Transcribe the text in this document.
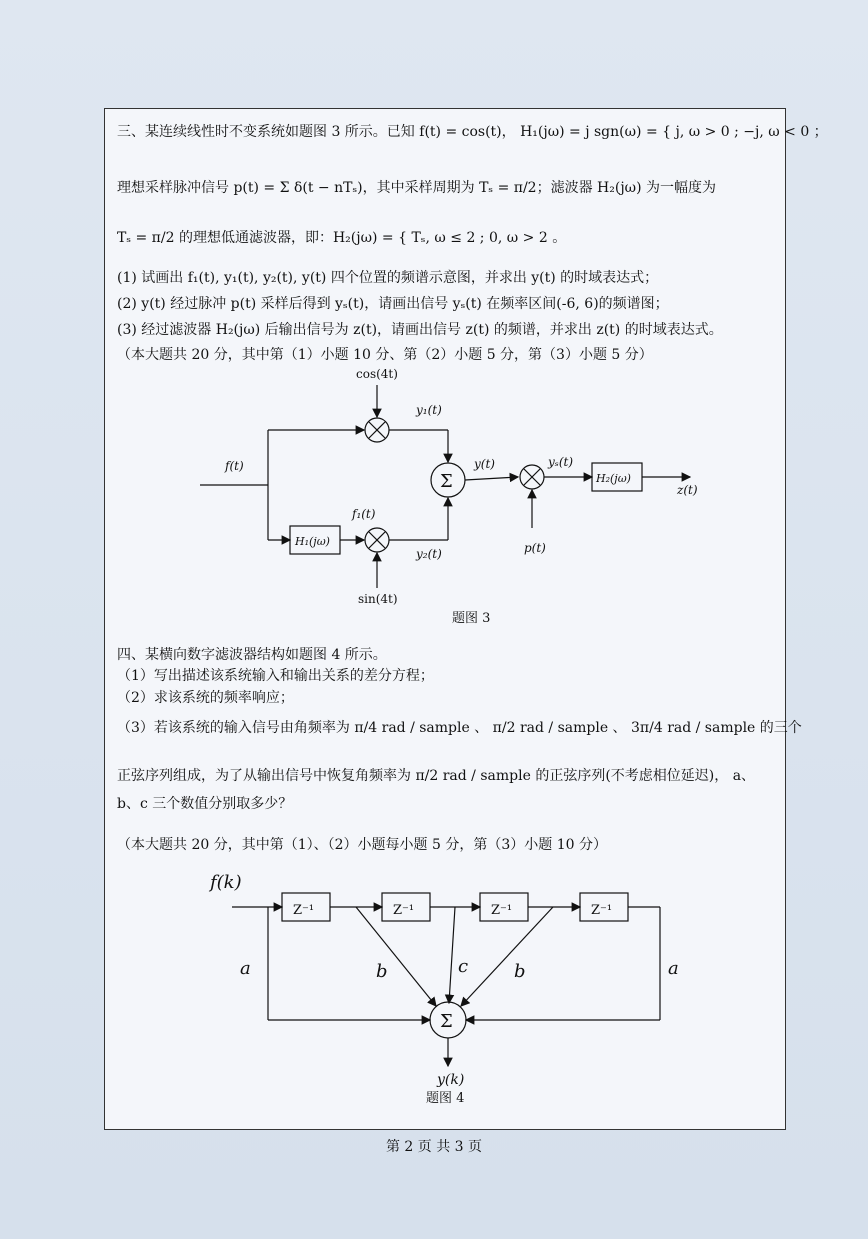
三、某连续线性时不变系统如题图 3 所示。已知 f(t) = cos(t)， H₁(jω) = j sgn(ω) = { j, ω > 0 ; −j, ω < 0 ；
理想采样脉冲信号 p(t) = Σ δ(t − nTₛ)，其中采样周期为 Tₛ = π/2；滤波器 H₂(jω) 为一幅度为
Tₛ = π/2 的理想低通滤波器，即：H₂(jω) = { Tₛ, ω ≤ 2 ; 0, ω > 2 。
(1) 试画出 f₁(t), y₁(t), y₂(t), y(t) 四个位置的频谱示意图，并求出 y(t) 的时域表达式；
(2) y(t) 经过脉冲 p(t) 采样后得到 yₛ(t)，请画出信号 yₛ(t) 在频率区间(-6, 6)的频谱图；
(3) 经过滤波器 H₂(jω) 后输出信号为 z(t)，请画出信号 z(t) 的频谱，并求出 z(t) 的时域表达式。
（本大题共 20 分，其中第（1）小题 10 分、第（2）小题 5 分，第（3）小题 5 分）
cos(4t)
sin(4t)
f(t)
y₁(t)
y₂(t)
f₁(t)
y(t)	yₛ(t)
p(t)
z(t)
H₁(jω)
H₂(jω)
Σ
题图 3
四、某横向数字滤波器结构如题图 4 所示。
（1）写出描述该系统输入和输出关系的差分方程；
（2）求该系统的频率响应；
（3）若该系统的输入信号由角频率为 π/4 rad / sample 、 π/2 rad / sample 、 3π/4 rad / sample 的三个
正弦序列组成，为了从输出信号中恢复角频率为 π/2 rad / sample 的正弦序列(不考虑相位延迟)， a、
b、c 三个数值分别取多少？
（本大题共 20 分，其中第（1）、（2）小题每小题 5 分，第（3）小题 10 分）
f(k)
Z⁻¹	Z⁻¹	Z⁻¹	Z⁻¹
a	b	c	b	a
Σ
y(k)
题图 4
第 2 页 共 3 页
